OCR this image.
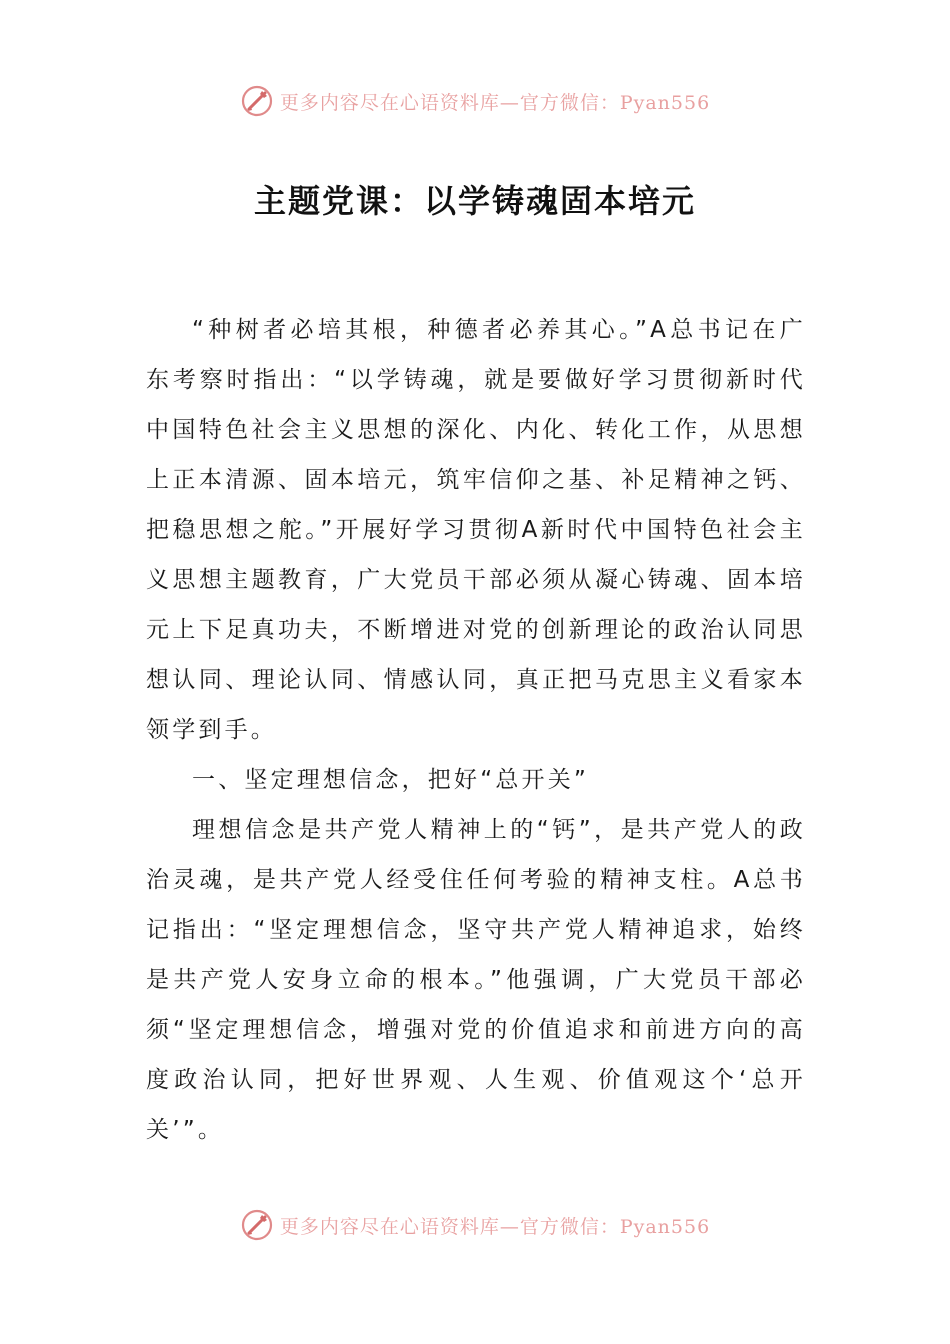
更多内容尽在心语资料库—官方微信：Pyan556
主题党课：以学铸魂固本培元

“种树者必培其根，种德者必养其心。”A总书记在广东考察时指出：“以学铸魂，就是要做好学习贯彻新时代中国特色社会主义思想的深化、内化、转化工作，从思想上正本清源、固本培元，筑牢信仰之基、补足精神之钙、把稳思想之舵。”开展好学习贯彻A新时代中国特色社会主义思想主题教育，广大党员干部必须从凝心铸魂、固本培元上下足真功夫，不断增进对党的创新理论的政治认同思想认同、理论认同、情感认同，真正把马克思主义看家本领学到手。

一、坚定理想信念，把好“总开关”

理想信念是共产党人精神上的“钙”，是共产党人的政治灵魂，是共产党人经受住任何考验的精神支柱。A总书记指出：“坚定理想信念，坚守共产党人精神追求，始终是共产党人安身立命的根本。”他强调，广大党员干部必须“坚定理想信念，增强对党的价值追求和前进方向的高度政治认同，把好世界观、人生观、价值观这个‘总开关’”。

更多内容尽在心语资料库—官方微信：Pyan556
